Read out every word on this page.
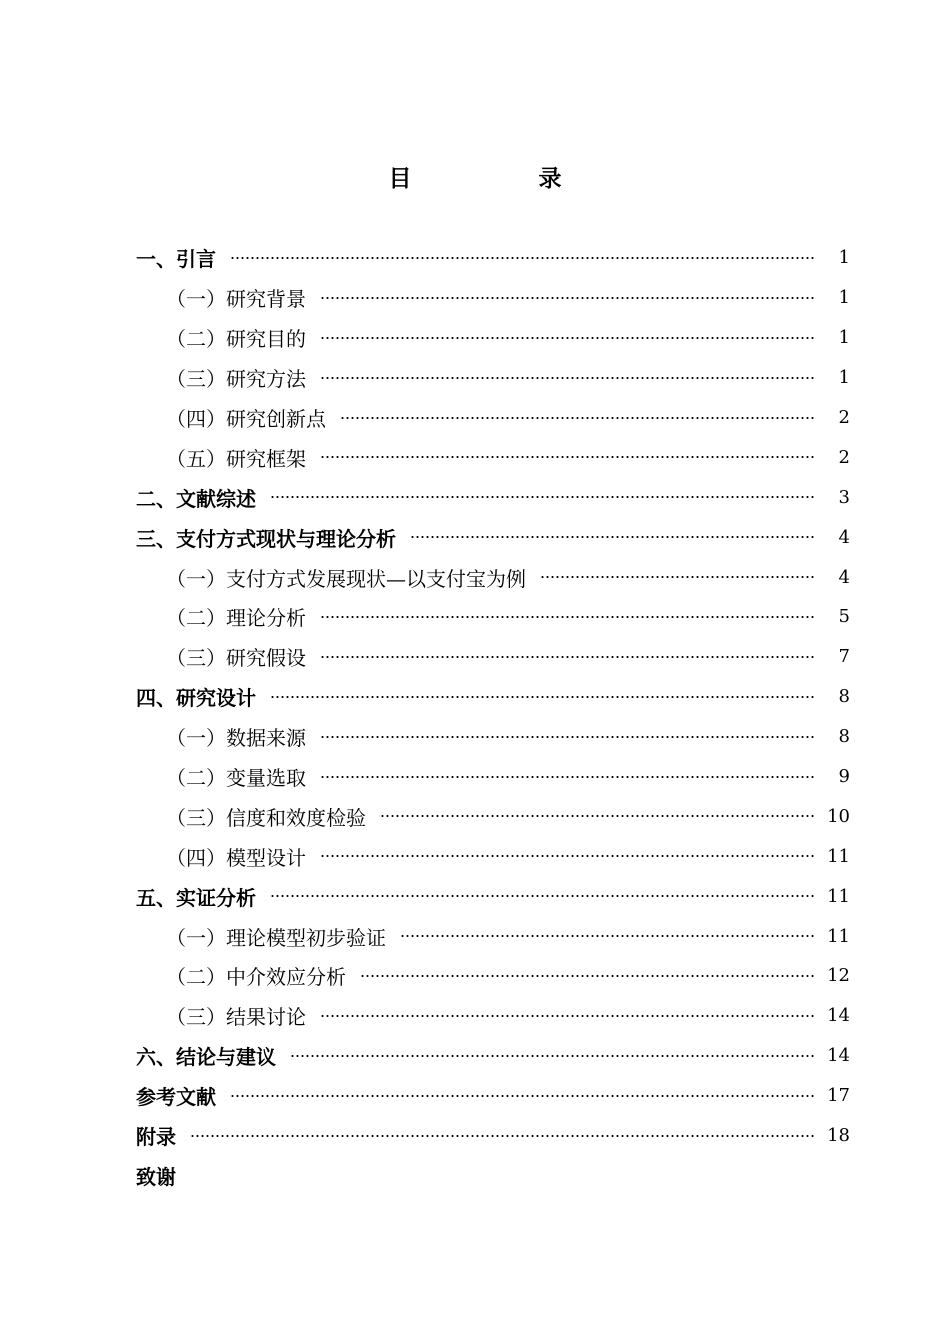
目　录
一、引言	1
（一）研究背景	1
（二）研究目的	1
（三）研究方法	1
（四）研究创新点	2
（五）研究框架	2
二、文献综述	3
三、支付方式现状与理论分析	4
（一）支付方式发展现状—以支付宝为例	4
（二）理论分析	5
（三）研究假设	7
四、研究设计	8
（一）数据来源	8
（二）变量选取	9
（三）信度和效度检验	10
（四）模型设计	11
五、实证分析	11
（一）理论模型初步验证	11
（二）中介效应分析	12
（三）结果讨论	14
六、结论与建议	14
参考文献	17
附录	18
致谢
